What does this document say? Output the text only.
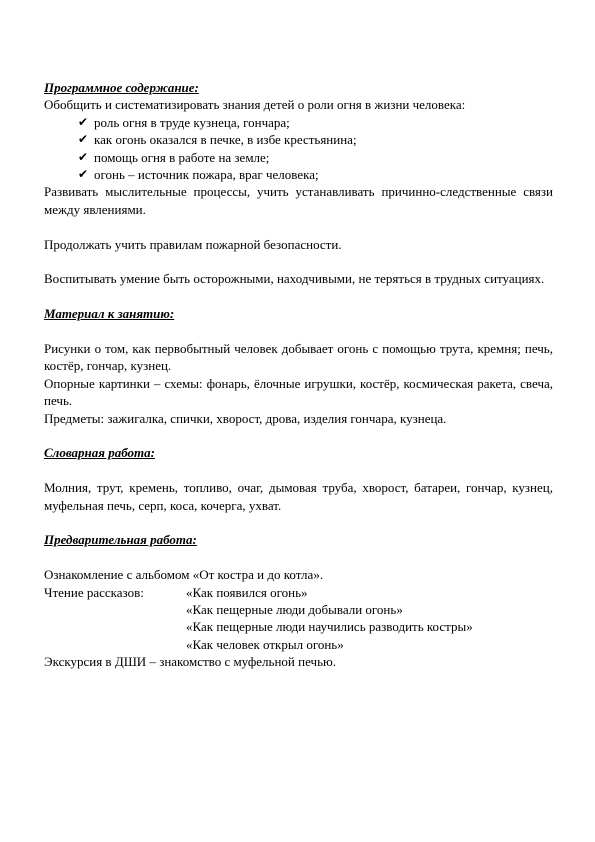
Программное содержание:
Обобщить и систематизировать знания детей о роли огня в жизни человека:
✔ роль огня в труде кузнеца, гончара;
✔ как огонь оказался в печке, в избе крестьянина;
✔ помощь огня в работе на земле;
✔ огонь – источник пожара, враг человека;
Развивать мыслительные процессы, учить устанавливать причинно-следственные связи между явлениями.
Продолжать учить правилам пожарной безопасности.
Воспитывать умение быть осторожными, находчивыми, не теряться в трудных ситуациях.
Материал к занятию:
Рисунки о том, как первобытный человек добывает огонь с помощью трута, кремня; печь, костёр, гончар, кузнец.
Опорные картинки – схемы: фонарь, ёлочные игрушки, костёр, космическая ракета, свеча, печь.
Предметы: зажигалка, спички, хворост, дрова, изделия гончара, кузнеца.
Словарная работа:
Молния, трут, кремень, топливо, очаг, дымовая труба, хворост, батареи, гончар, кузнец, муфельная печь, серп, коса, кочерга, ухват.
Предварительная работа:
Ознакомление с альбомом «От костра и до котла».
Чтение рассказов:	«Как появился огонь»
«Как пещерные люди добывали огонь»
«Как пещерные люди научились разводить костры»
«Как человек открыл огонь»
Экскурсия в ДШИ – знакомство с муфельной печью.
